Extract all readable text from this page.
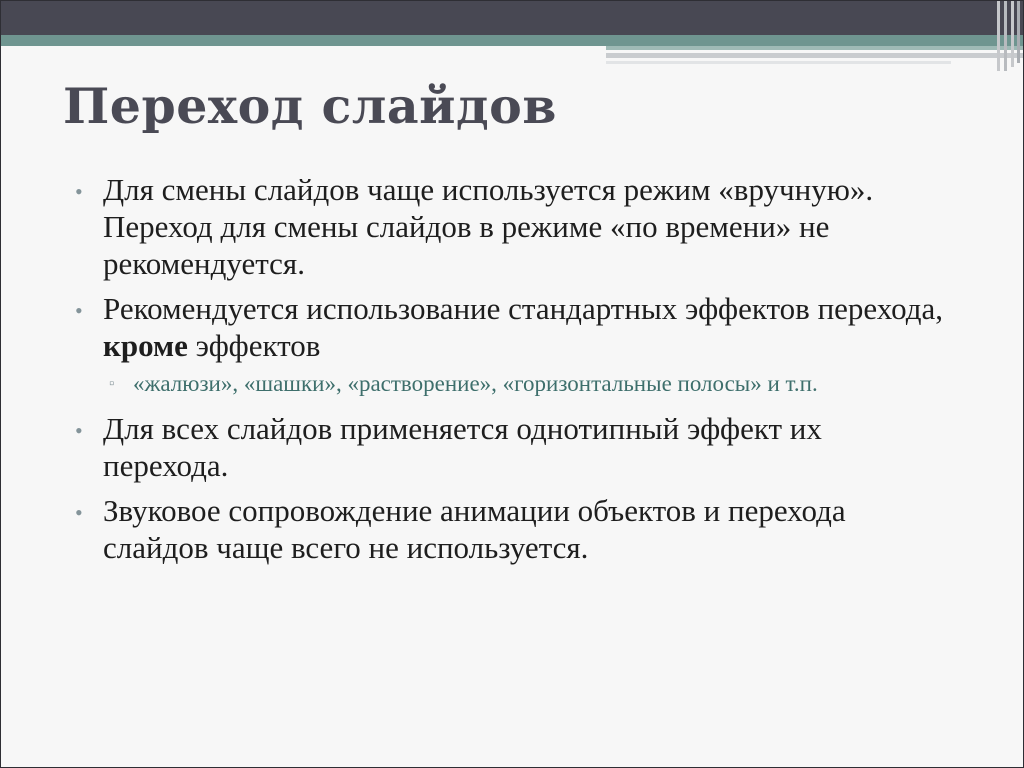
Переход слайдов

• Для смены слайдов чаще используется режим «вручную». Переход для смены слайдов в режиме «по времени» не рекомендуется.

• Рекомендуется использование стандартных эффектов перехода, кроме эффектов

▫ «жалюзи», «шашки», «растворение», «горизонтальные полосы» и т.п.

• Для всех слайдов применяется однотипный эффект их перехода.

• Звуковое сопровождение анимации объектов и перехода слайдов чаще всего не используется.
